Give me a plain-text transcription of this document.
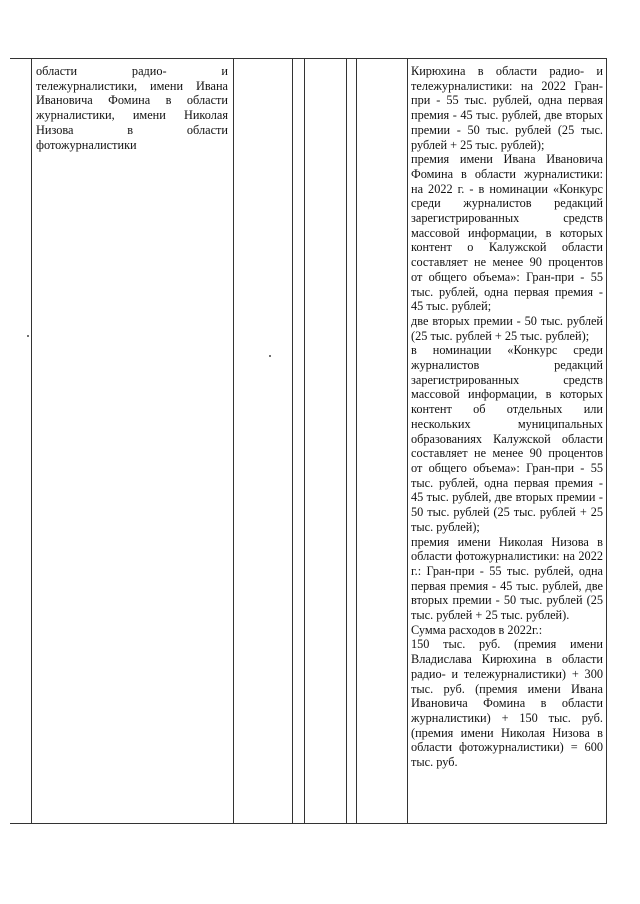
области радио- и тележурналистики, имени Ивана Ивановича Фомина в области журналистики, имени Николая Низова в области фотожурналистики

Кирюхина в области радио- и тележурналистики: на 2022 Гран-при - 55 тыс. рублей, одна первая премия - 45 тыс. рублей, две вторых премии - 50 тыс. рублей (25 тыс. рублей + 25 тыс. рублей);

премия имени Ивана Ивановича Фомина в области журналистики: на 2022 г. - в номинации «Конкурс среди журналистов редакций зарегистрированных средств массовой информации, в которых контент о Калужской области составляет не менее 90 процентов от общего объема»: Гран-при - 55 тыс. рублей, одна первая премия - 45 тыс. рублей;

две вторых премии - 50 тыс. рублей (25 тыс. рублей + 25 тыс. рублей);

в номинации «Конкурс среди журналистов редакций зарегистрированных средств массовой информации, в которых контент об отдельных или нескольких муниципальных образованиях Калужской области составляет не менее 90 процентов от общего объема»: Гран-при - 55 тыс. рублей, одна первая премия - 45 тыс. рублей, две вторых премии - 50 тыс. рублей (25 тыс. рублей + 25 тыс. рублей);

премия имени Николая Низова в области фотожурналистики: на 2022 г.: Гран-при - 55 тыс. рублей, одна первая премия - 45 тыс. рублей, две вторых премии - 50 тыс. рублей (25 тыс. рублей + 25 тыс. рублей).

Сумма расходов в 2022г.:

150 тыс. руб. (премия имени Владислава Кирюхина в области радио- и тележурналистики) + 300 тыс. руб. (премия имени Ивана Ивановича Фомина в области журналистики) + 150 тыс. руб. (премия имени Николая Низова в области фотожурналистики) = 600 тыс. руб.
